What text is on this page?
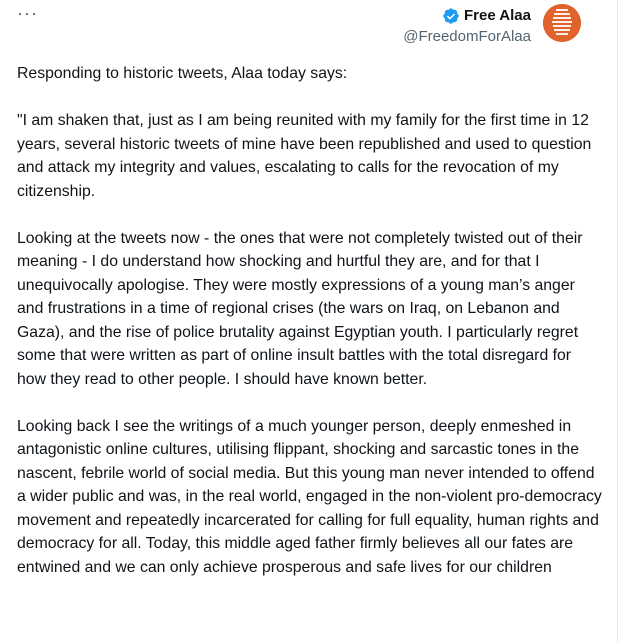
···	Free Alaa
@FreedomForAlaa

Responding to historic tweets, Alaa today says:

"I am shaken that, just as I am being reunited with my family for the first time in 12 years, several historic tweets of mine have been republished and used to question and attack my integrity and values, escalating to calls for the revocation of my citizenship.

Looking at the tweets now - the ones that were not completely twisted out of their meaning - I do understand how shocking and hurtful they are, and for that I unequivocally apologise. They were mostly expressions of a young man’s anger and frustrations in a time of regional crises (the wars on Iraq, on Lebanon and Gaza), and the rise of police brutality against Egyptian youth. I particularly regret some that were written as part of online insult battles with the total disregard for how they read to other people. I should have known better.

Looking back I see the writings of a much younger person, deeply enmeshed in antagonistic online cultures, utilising flippant, shocking and sarcastic tones in the nascent, febrile world of social media. But this young man never intended to offend a wider public and was, in the real world, engaged in the non-violent pro-democracy movement and repeatedly incarcerated for calling for full equality, human rights and democracy for all. Today, this middle aged father firmly believes all our fates are entwined and we can only achieve prosperous and safe lives for our children
